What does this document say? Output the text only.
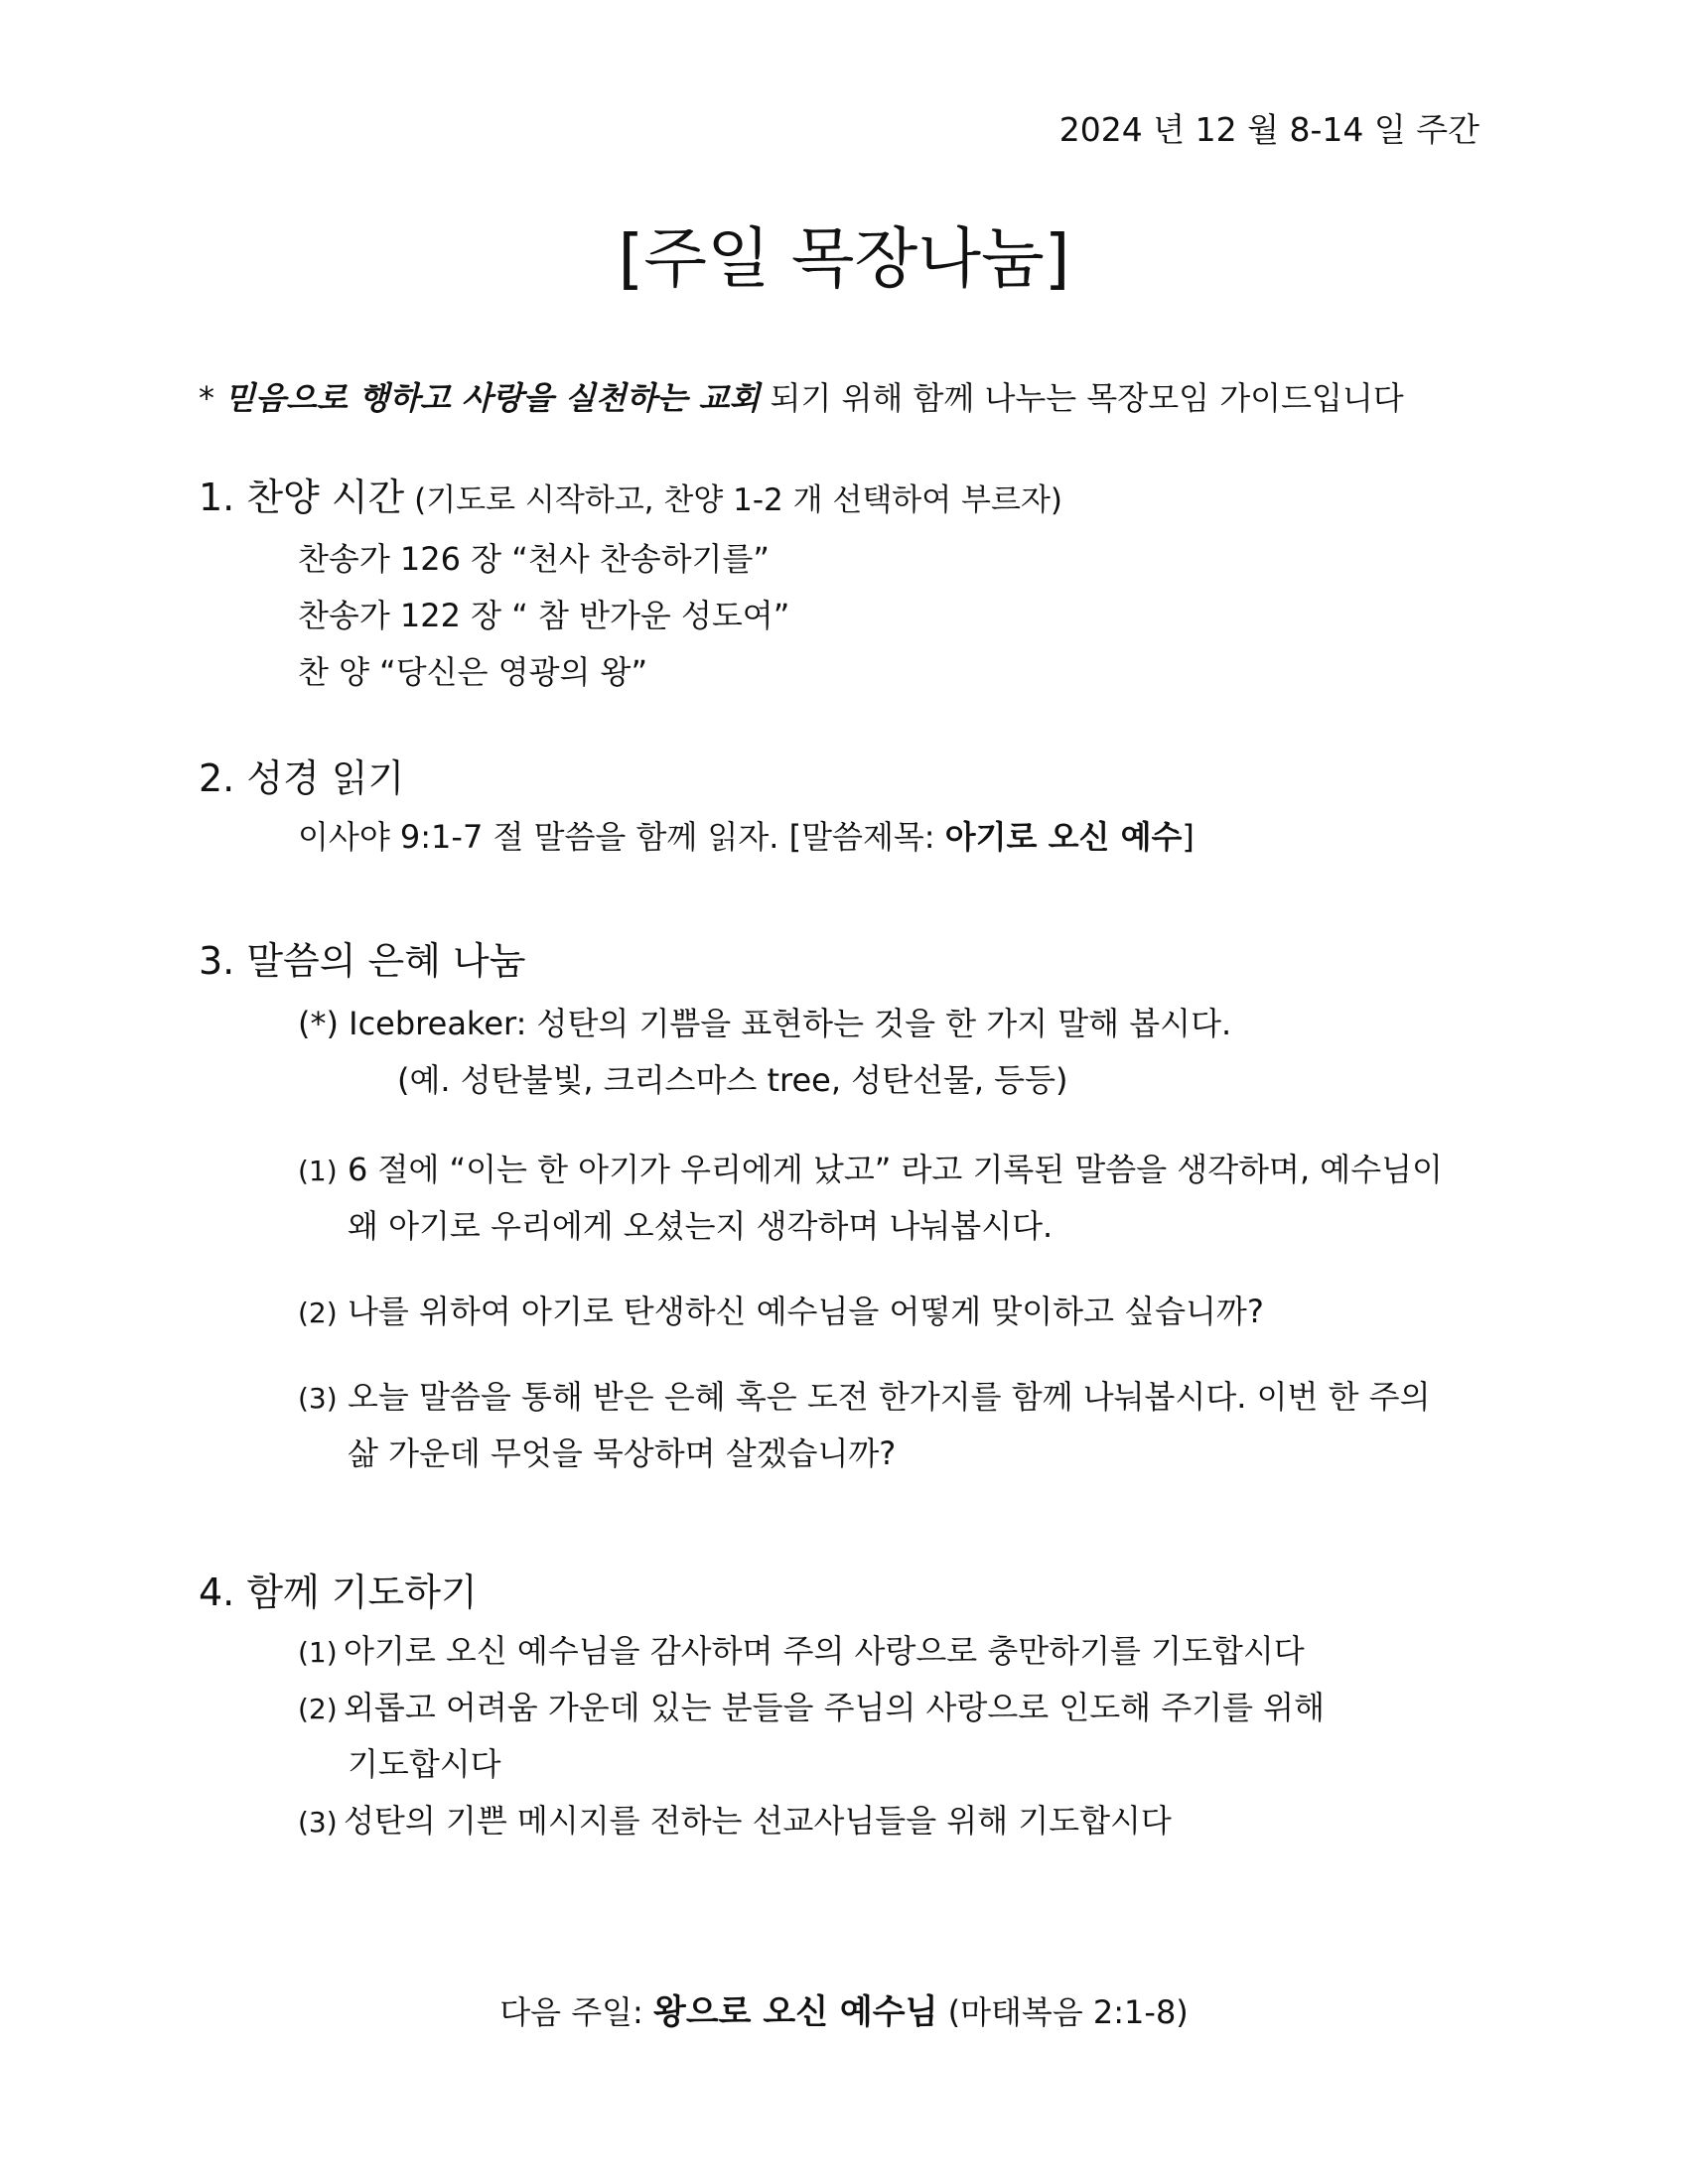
2024 년 12 월 8-14 일 주간
[주일 목장나눔]
* 믿음으로 행하고 사랑을 실천하는 교회 되기 위해 함께 나누는 목장모임 가이드입니다
1. 찬양 시간 (기도로 시작하고, 찬양 1-2 개 선택하여 부르자)
찬송가 126 장 “천사 찬송하기를”
찬송가 122 장 “ 참 반가운 성도여”
찬 양 “당신은 영광의 왕”
2. 성경 읽기
이사야 9:1-7 절 말씀을 함께 읽자. [말씀제목: 아기로 오신 예수]
3. 말씀의 은혜 나눔
(*) Icebreaker: 성탄의 기쁨을 표현하는 것을 한 가지 말해 봅시다.
(예. 성탄불빛, 크리스마스 tree, 성탄선물, 등등)
(1) 6 절에 “이는 한 아기가 우리에게 났고” 라고 기록된 말씀을 생각하며, 예수님이
왜 아기로 우리에게 오셨는지 생각하며 나눠봅시다.
(2) 나를 위하여 아기로 탄생하신 예수님을 어떻게 맞이하고 싶습니까?
(3) 오늘 말씀을 통해 받은 은혜 혹은 도전 한가지를 함께 나눠봅시다. 이번 한 주의
삶 가운데 무엇을 묵상하며 살겠습니까?
4. 함께 기도하기
(1) 아기로 오신 예수님을 감사하며 주의 사랑으로 충만하기를 기도합시다
(2) 외롭고 어려움 가운데 있는 분들을 주님의 사랑으로 인도해 주기를 위해
기도합시다
(3) 성탄의 기쁜 메시지를 전하는 선교사님들을 위해 기도합시다
다음 주일: 왕으로 오신 예수님 (마태복음 2:1-8)
